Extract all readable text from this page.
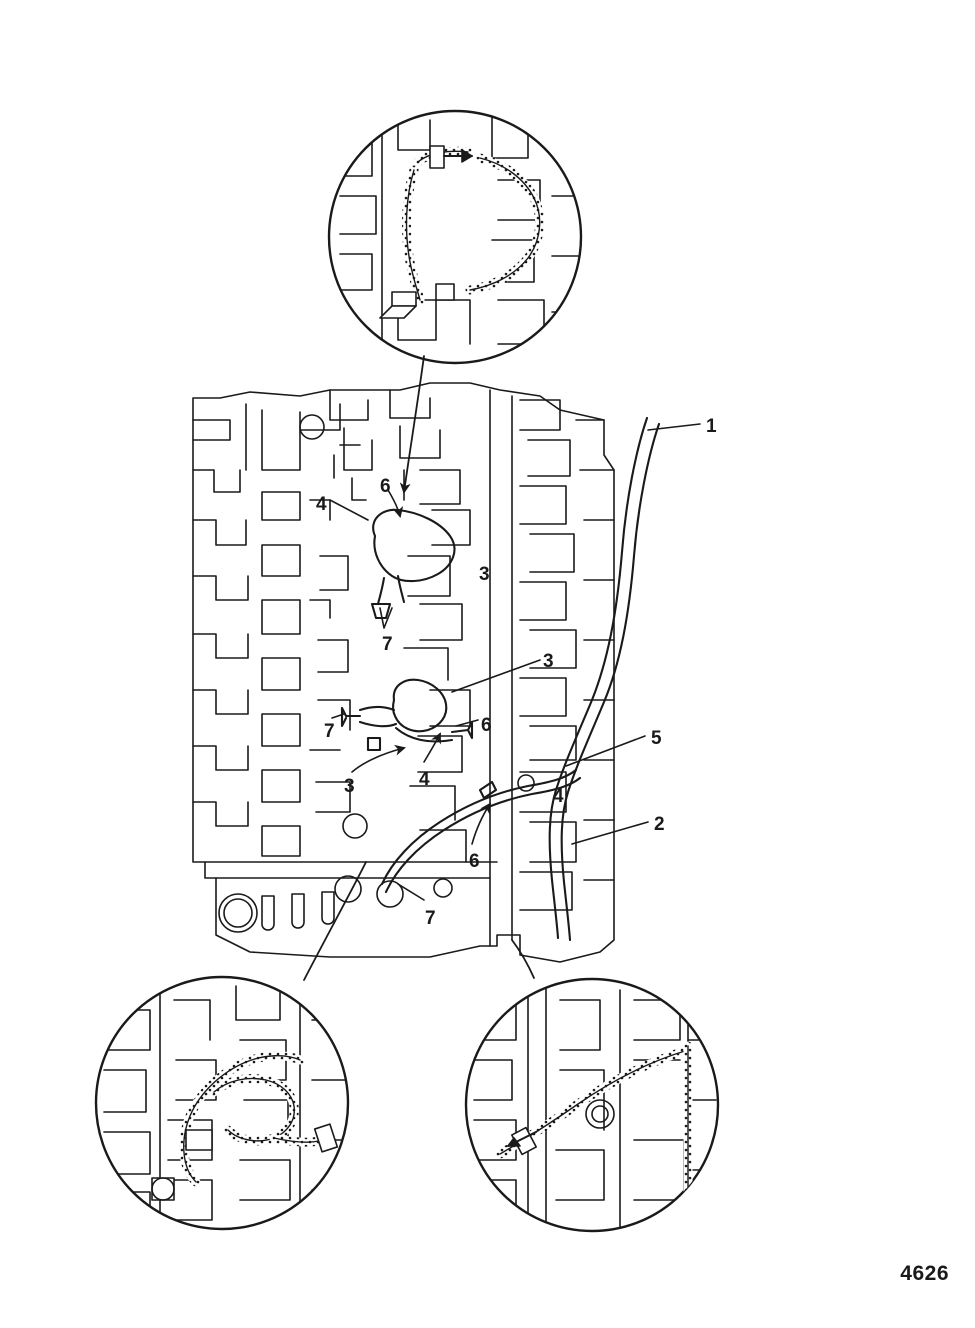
1
2
3
3
3
4
4
4
5
6
6
6
7
7
7
4626
